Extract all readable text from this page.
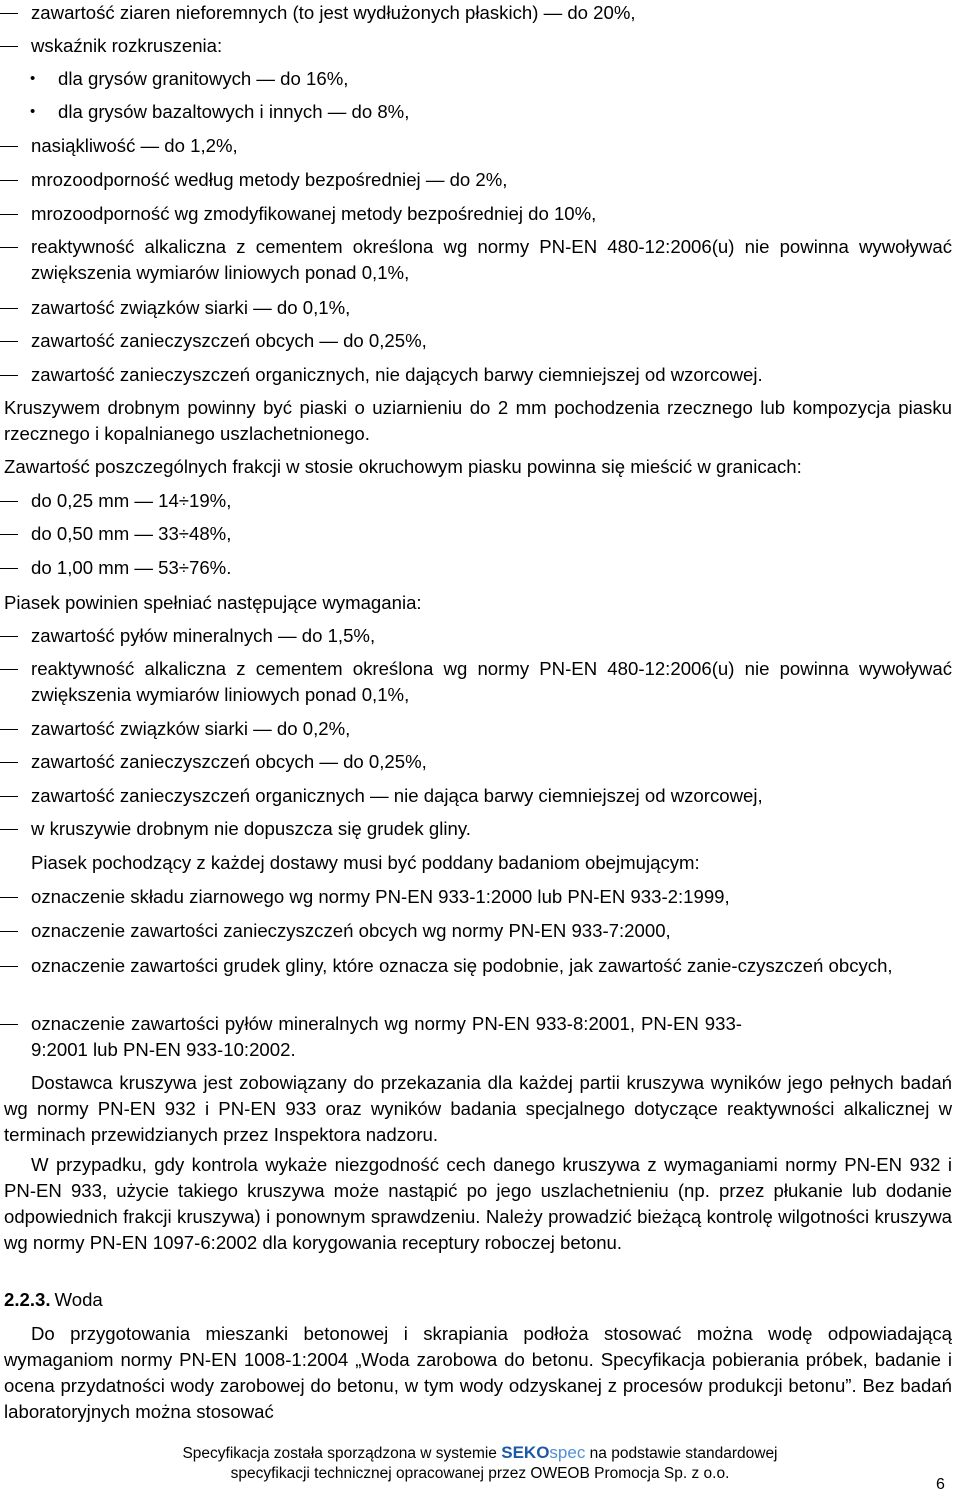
zawartość ziaren nieforemnych (to jest wydłużonych płaskich) — do 20%,
wskaźnik rozkruszenia:
• dla grysów granitowych — do 16%,
• dla grysów bazaltowych i innych — do 8%,
nasiąkliwość — do 1,2%,
mrozoodporność według metody bezpośredniej — do 2%,
mrozoodporność wg zmodyfikowanej metody bezpośredniej do 10%,
reaktywność alkaliczna z cementem określona wg normy PN-EN 480-12:2006(u) nie powinna wywoływać zwiększenia wymiarów liniowych ponad 0,1%,
zawartość związków siarki — do 0,1%,
zawartość zanieczyszczeń obcych — do 0,25%,
zawartość zanieczyszczeń organicznych, nie dających barwy ciemniejszej od wzorcowej.

Kruszywem drobnym powinny być piaski o uziarnieniu do 2 mm pochodzenia rzecznego lub kompozycja piasku rzecznego i kopalnianego uszlachetnionego.

Zawartość poszczególnych frakcji w stosie okruchowym piasku powinna się mieścić w granicach:

do 0,25 mm — 14÷19%,
do 0,50 mm — 33÷48%,
do 1,00 mm — 53÷76%.

Piasek powinien spełniać następujące wymagania:

zawartość pyłów mineralnych — do 1,5%,
reaktywność alkaliczna z cementem określona wg normy PN-EN 480-12:2006(u) nie powinna wywoływać zwiększenia wymiarów liniowych ponad 0,1%,
zawartość związków siarki — do 0,2%,
zawartość zanieczyszczeń obcych — do 0,25%,
zawartość zanieczyszczeń organicznych — nie dająca barwy ciemniejszej od wzorcowej,
w kruszywie drobnym nie dopuszcza się grudek gliny.

Piasek pochodzący z każdej dostawy musi być poddany badaniom obejmującym:

oznaczenie składu ziarnowego wg normy PN-EN 933-1:2000 lub PN-EN 933-2:1999,
oznaczenie zawartości zanieczyszczeń obcych wg normy PN-EN 933-7:2000,
oznaczenie zawartości grudek gliny, które oznacza się podobnie, jak zawartość zanie-czyszczeń obcych,
oznaczenie zawartości pyłów mineralnych wg normy PN-EN 933-8:2001, PN-EN 933-9:2001 lub PN-EN 933-10:2002.

Dostawca kruszywa jest zobowiązany do przekazania dla każdej partii kruszywa wyników jego pełnych badań wg normy PN-EN 932 i PN-EN 933 oraz wyników badania specjalnego dotyczące reaktywności alkalicznej w terminach przewidzianych przez Inspektora nadzoru.

W przypadku, gdy kontrola wykaże niezgodność cech danego kruszywa z wymaganiami normy PN-EN 932 i PN-EN 933, użycie takiego kruszywa może nastąpić po jego uszlachetnieniu (np. przez płukanie lub dodanie odpowiednich frakcji kruszywa) i ponownym sprawdzeniu. Należy prowadzić bieżącą kontrolę wilgotności kruszywa wg normy PN-EN 1097-6:2002 dla korygowania receptury roboczej betonu.

2.2.3. Woda

Do przygotowania mieszanki betonowej i skrapiania podłoża stosować można wodę odpowiadającą wymaganiom normy PN-EN 1008-1:2004 „Woda zarobowa do betonu. Specyfikacja pobierania próbek, badanie i ocena przydatności wody zarobowej do betonu, w tym wody odzyskanej z procesów produkcji betonu”. Bez badań laboratoryjnych można stosować

Specyfikacja została sporządzona w systemie SEKOspec na podstawie standardowej
specyfikacji technicznej opracowanej przez OWEOB Promocja Sp. z o.o.
6
